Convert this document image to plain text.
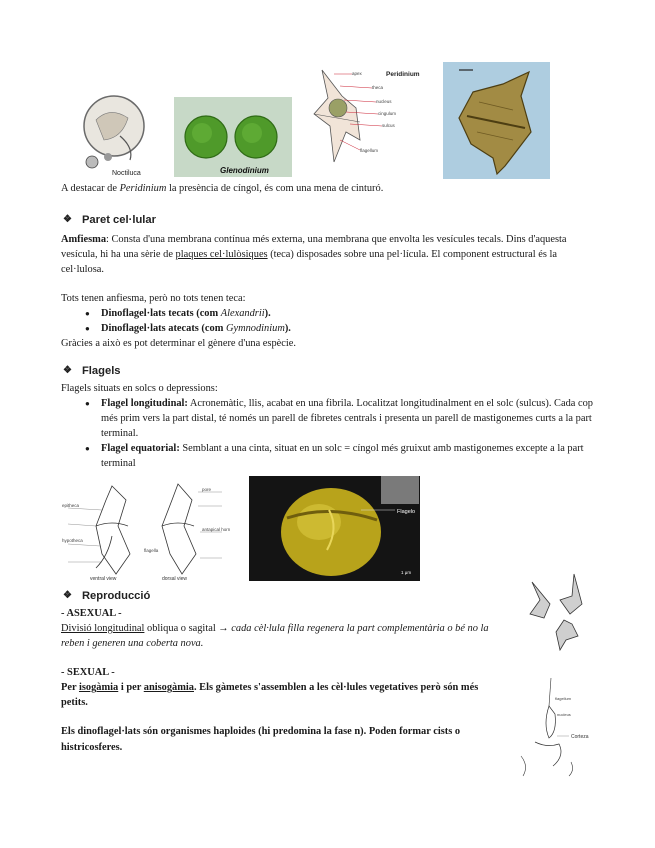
Noctiluca	Glenodinium
apex
theca
nucleus
cingulum
sulcus
flagellum
Peridinium
A destacar de Peridinium la presència de cíngol, és com una mena de cinturó.
❖ Paret cel·lular

Amfiesma: Consta d'una membrana contínua més externa, una membrana que envolta les vesícules tecals. Dins d'aquesta vesícula, hi ha una sèrie de plaques cel·lulòsiques (teca) disposades sobre una pel·lícula. El component estructural és la cel·lulosa.

Tots tenen anfiesma, però no tots tenen teca:

● Dinoflagel·lats tecats (com Alexandrii).
● Dinoflagel·lats atecats (com Gymnodinium).

Gràcies a això es pot determinar el gènere d'una espècie.

❖ Flagels

Flagels situats en solcs o depressions:

● Flagel longitudinal: Acronemàtic, llis, acabat en una fibrila. Localitzat longitudinalment en el solc (sulcus). Cada cop més prim vers la part distal, té només un parell de fibretes centrals i presenta un parell de mastigonemes curts a la part terminal.
● Flagel equatorial: Semblant a una cinta, situat en un solc = cíngol més gruixut amb mastigonemes excepte a la part terminal
epitheca
hypotheca
flagella
pore
antapical horn
ventral view	dorsal view
Flagelo
1 μm
❖ Reproducció

- ASEXUAL -

Divisió longitudinal obliqua o sagital → cada cèl·lula filla regenera la part complementària o bé no la reben i generen una coberta nova.

- SEXUAL -

Per isogàmia i per anisogàmia. Els gàmetes s'assemblen a les cèl·lules vegetatives però són més petits.

Els dinoflagel·lats són organismes haploides (hi predomina la fase n). Poden formar cists o histricosferes.

flagellum
nucleus
Corteza
